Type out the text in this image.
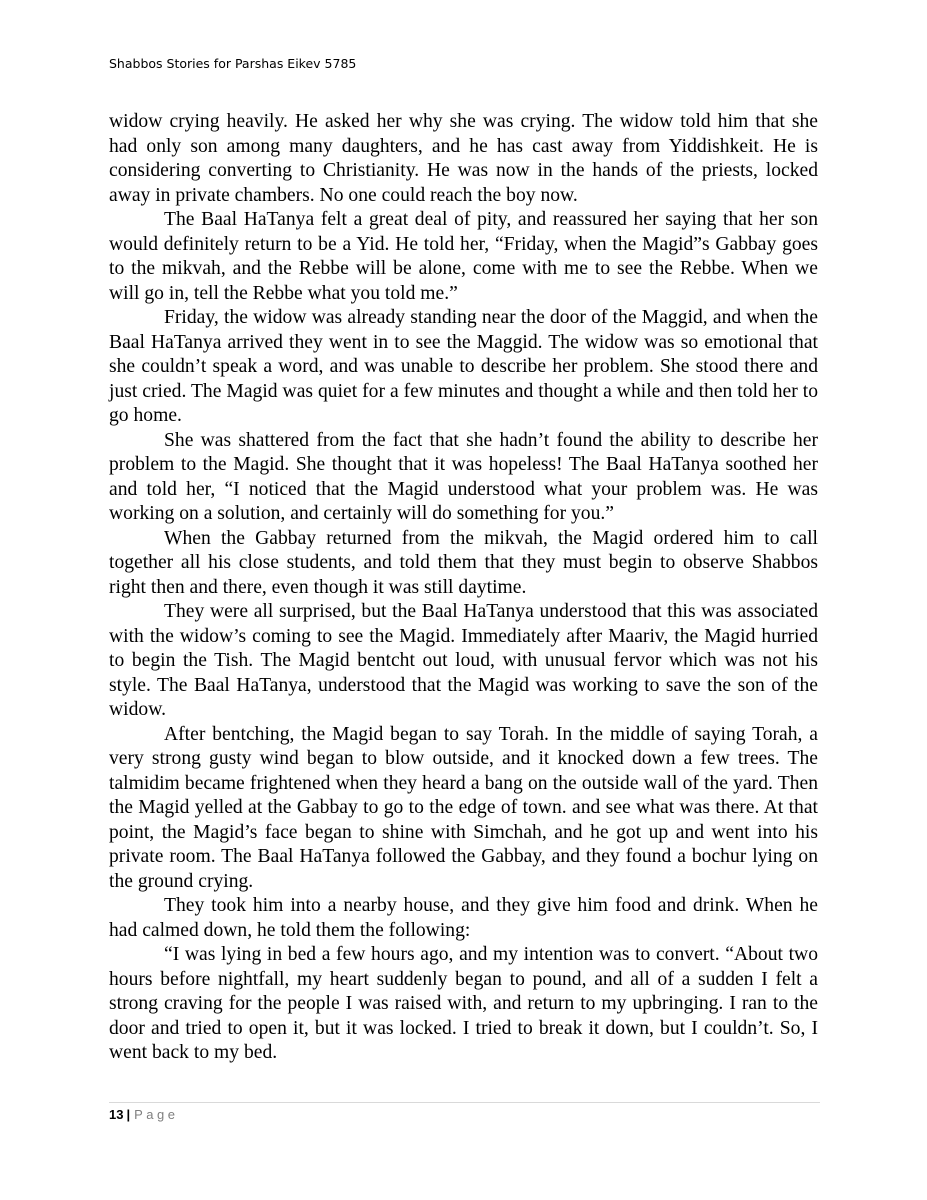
Shabbos Stories for Parshas Eikev 5785

widow crying heavily. He asked her why she was crying. The widow told him that she had only son among many daughters, and he has cast away from Yiddishkeit. He is considering converting to Christianity. He was now in the hands of the priests, locked away in private chambers. No one could reach the boy now.

The Baal HaTanya felt a great deal of pity, and reassured her saying that her son would definitely return to be a Yid. He told her, “Friday, when the Magid”s Gabbay goes to the mikvah, and the Rebbe will be alone, come with me to see the Rebbe. When we will go in, tell the Rebbe what you told me.”

Friday, the widow was already standing near the door of the Maggid, and when the Baal HaTanya arrived they went in to see the Maggid. The widow was so emotional that she couldn’t speak a word, and was unable to describe her problem. She stood there and just cried. The Magid was quiet for a few minutes and thought a while and then told her to go home.

She was shattered from the fact that she hadn’t found the ability to describe her problem to the Magid. She thought that it was hopeless! The Baal HaTanya soothed her and told her, “I noticed that the Magid understood what your problem was. He was working on a solution, and certainly will do something for you.”

When the Gabbay returned from the mikvah, the Magid ordered him to call together all his close students, and told them that they must begin to observe Shabbos right then and there, even though it was still daytime.

They were all surprised, but the Baal HaTanya understood that this was associated with the widow’s coming to see the Magid. Immediately after Maariv, the Magid hurried to begin the Tish. The Magid bentcht out loud, with unusual fervor which was not his style. The Baal HaTanya, understood that the Magid was working to save the son of the widow.

After bentching, the Magid began to say Torah. In the middle of saying Torah, a very strong gusty wind began to blow outside, and it knocked down a few trees. The talmidim became frightened when they heard a bang on the outside wall of the yard. Then the Magid yelled at the Gabbay to go to the edge of town. and see what was there. At that point, the Magid’s face began to shine with Simchah, and he got up and went into his private room. The Baal HaTanya followed the Gabbay, and they found a bochur lying on the ground crying.

They took him into a nearby house, and they give him food and drink. When he had calmed down, he told them the following:

“I was lying in bed a few hours ago, and my intention was to convert. “About two hours before nightfall, my heart suddenly began to pound, and all of a sudden I felt a strong craving for the people I was raised with, and return to my upbringing. I ran to the door and tried to open it, but it was locked. I tried to break it down, but I couldn’t. So, I went back to my bed.

13 | Page
